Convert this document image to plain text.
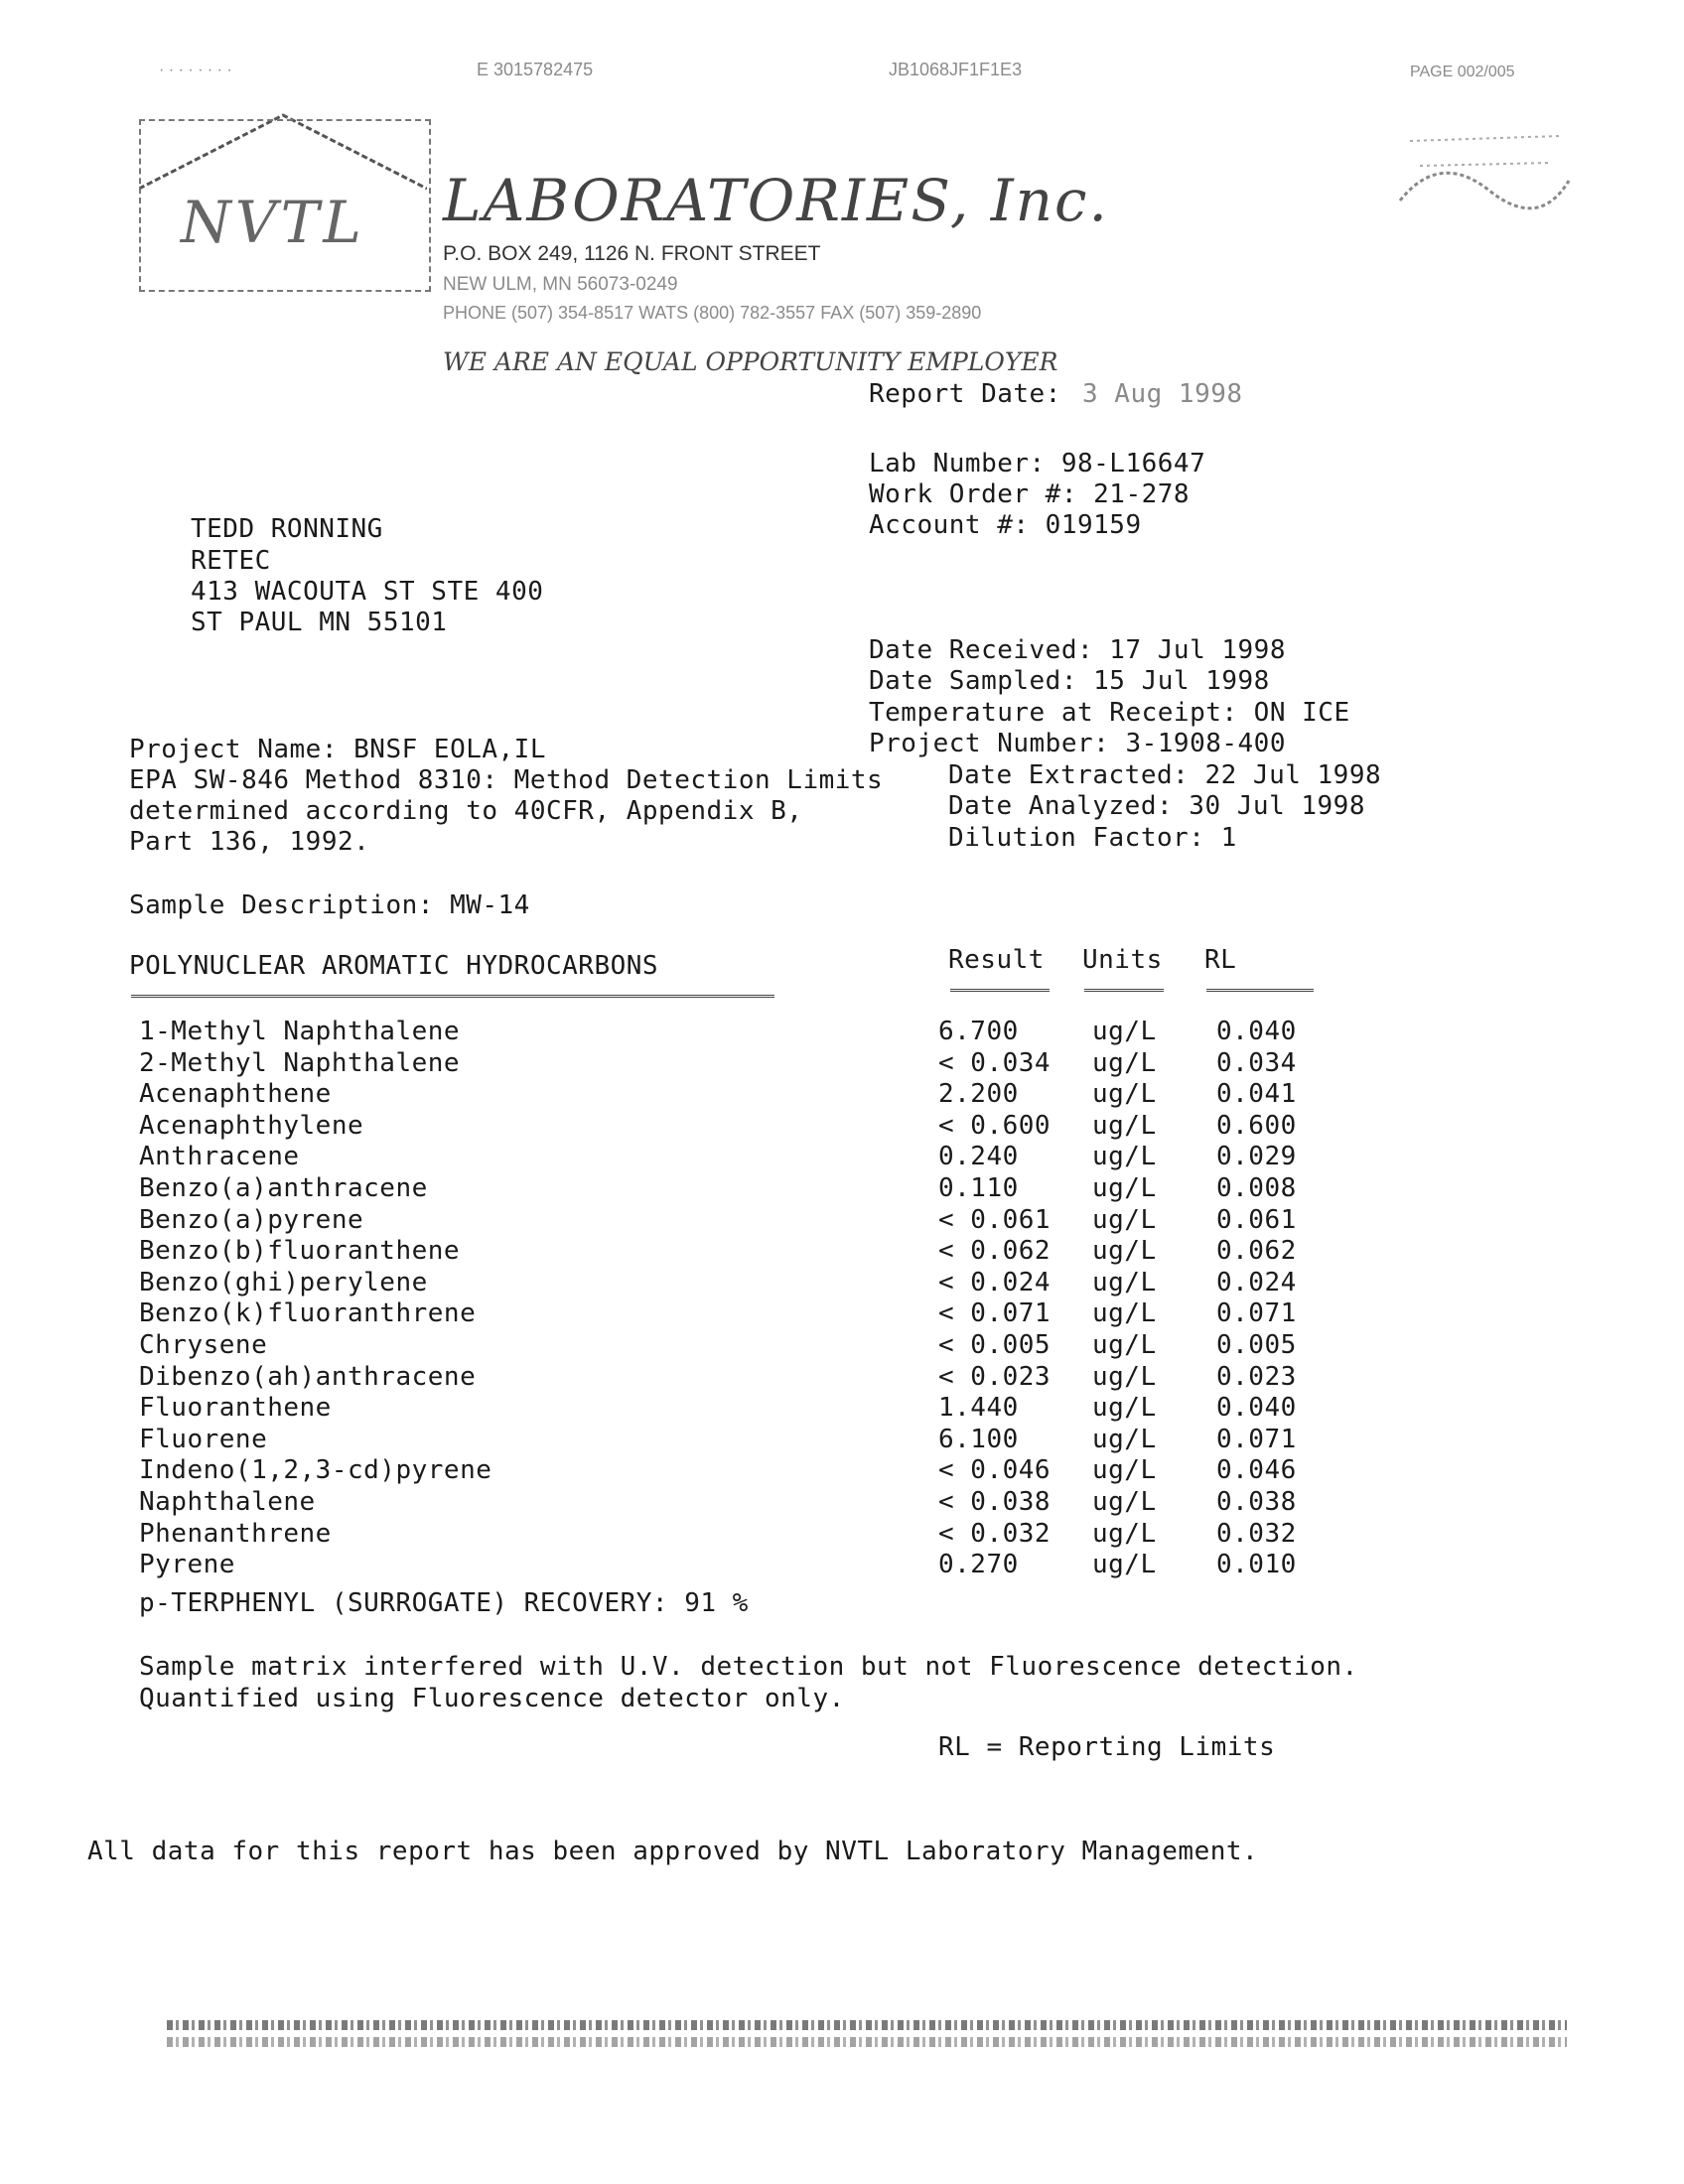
· · · · · · · ·	E 3015782475	JB1068JF1F1E3	PAGE 002/005
NVTL LABORATORIES, Inc.
P.O. BOX 249, 1126 N. FRONT STREET
NEW ULM, MN 56073-0249
PHONE (507) 354-8517 WATS (800) 782-3557 FAX (507) 359-2890
WE ARE AN EQUAL OPPORTUNITY EMPLOYER
Report Date: 3 Aug 1998
Lab Number: 98-L16647
Work Order #: 21-278
Account #: 019159
TEDD RONNING
RETEC
413 WACOUTA ST STE 400
ST PAUL MN 55101
Date Received: 17 Jul 1998
Date Sampled: 15 Jul 1998
Temperature at Receipt: ON ICE
Project Number: 3-1908-400
Date Extracted: 22 Jul 1998
Date Analyzed: 30 Jul 1998
Dilution Factor: 1
Project Name: BNSF EOLA,IL
EPA SW-846 Method 8310: Method Detection Limits
determined according to 40CFR, Appendix B,
Part 136, 1992.
Sample Description: MW-14
POLYNUCLEAR AROMATIC HYDROCARBONS	Result Units RL
1-Methyl Naphthalene	6.700	ug/L 0.040
2-Methyl Naphthalene	< 0.034 ug/L 0.034
Acenaphthene	2.200	ug/L 0.041
Acenaphthylene	< 0.600 ug/L 0.600
Anthracene	0.240	ug/L 0.029
Benzo(a)anthracene	0.110	ug/L 0.008
Benzo(a)pyrene	< 0.061 ug/L 0.061
Benzo(b)fluoranthene	< 0.062 ug/L 0.062
Benzo(ghi)perylene	< 0.024 ug/L 0.024
Benzo(k)fluoranthrene	< 0.071 ug/L 0.071
Chrysene	< 0.005 ug/L 0.005
Dibenzo(ah)anthracene	< 0.023 ug/L 0.023
Fluoranthene	1.440	ug/L 0.040
Fluorene	6.100	ug/L 0.071
Indeno(1,2,3-cd)pyrene	< 0.046 ug/L 0.046
Naphthalene	< 0.038 ug/L 0.038
Phenanthrene	< 0.032 ug/L 0.032
Pyrene	0.270	ug/L 0.010
p-TERPHENYL (SURROGATE) RECOVERY: 91 %
Sample matrix interfered with U.V. detection but not Fluorescence detection.
Quantified using Fluorescence detector only.
RL = Reporting Limits
All data for this report has been approved by NVTL Laboratory Management.
